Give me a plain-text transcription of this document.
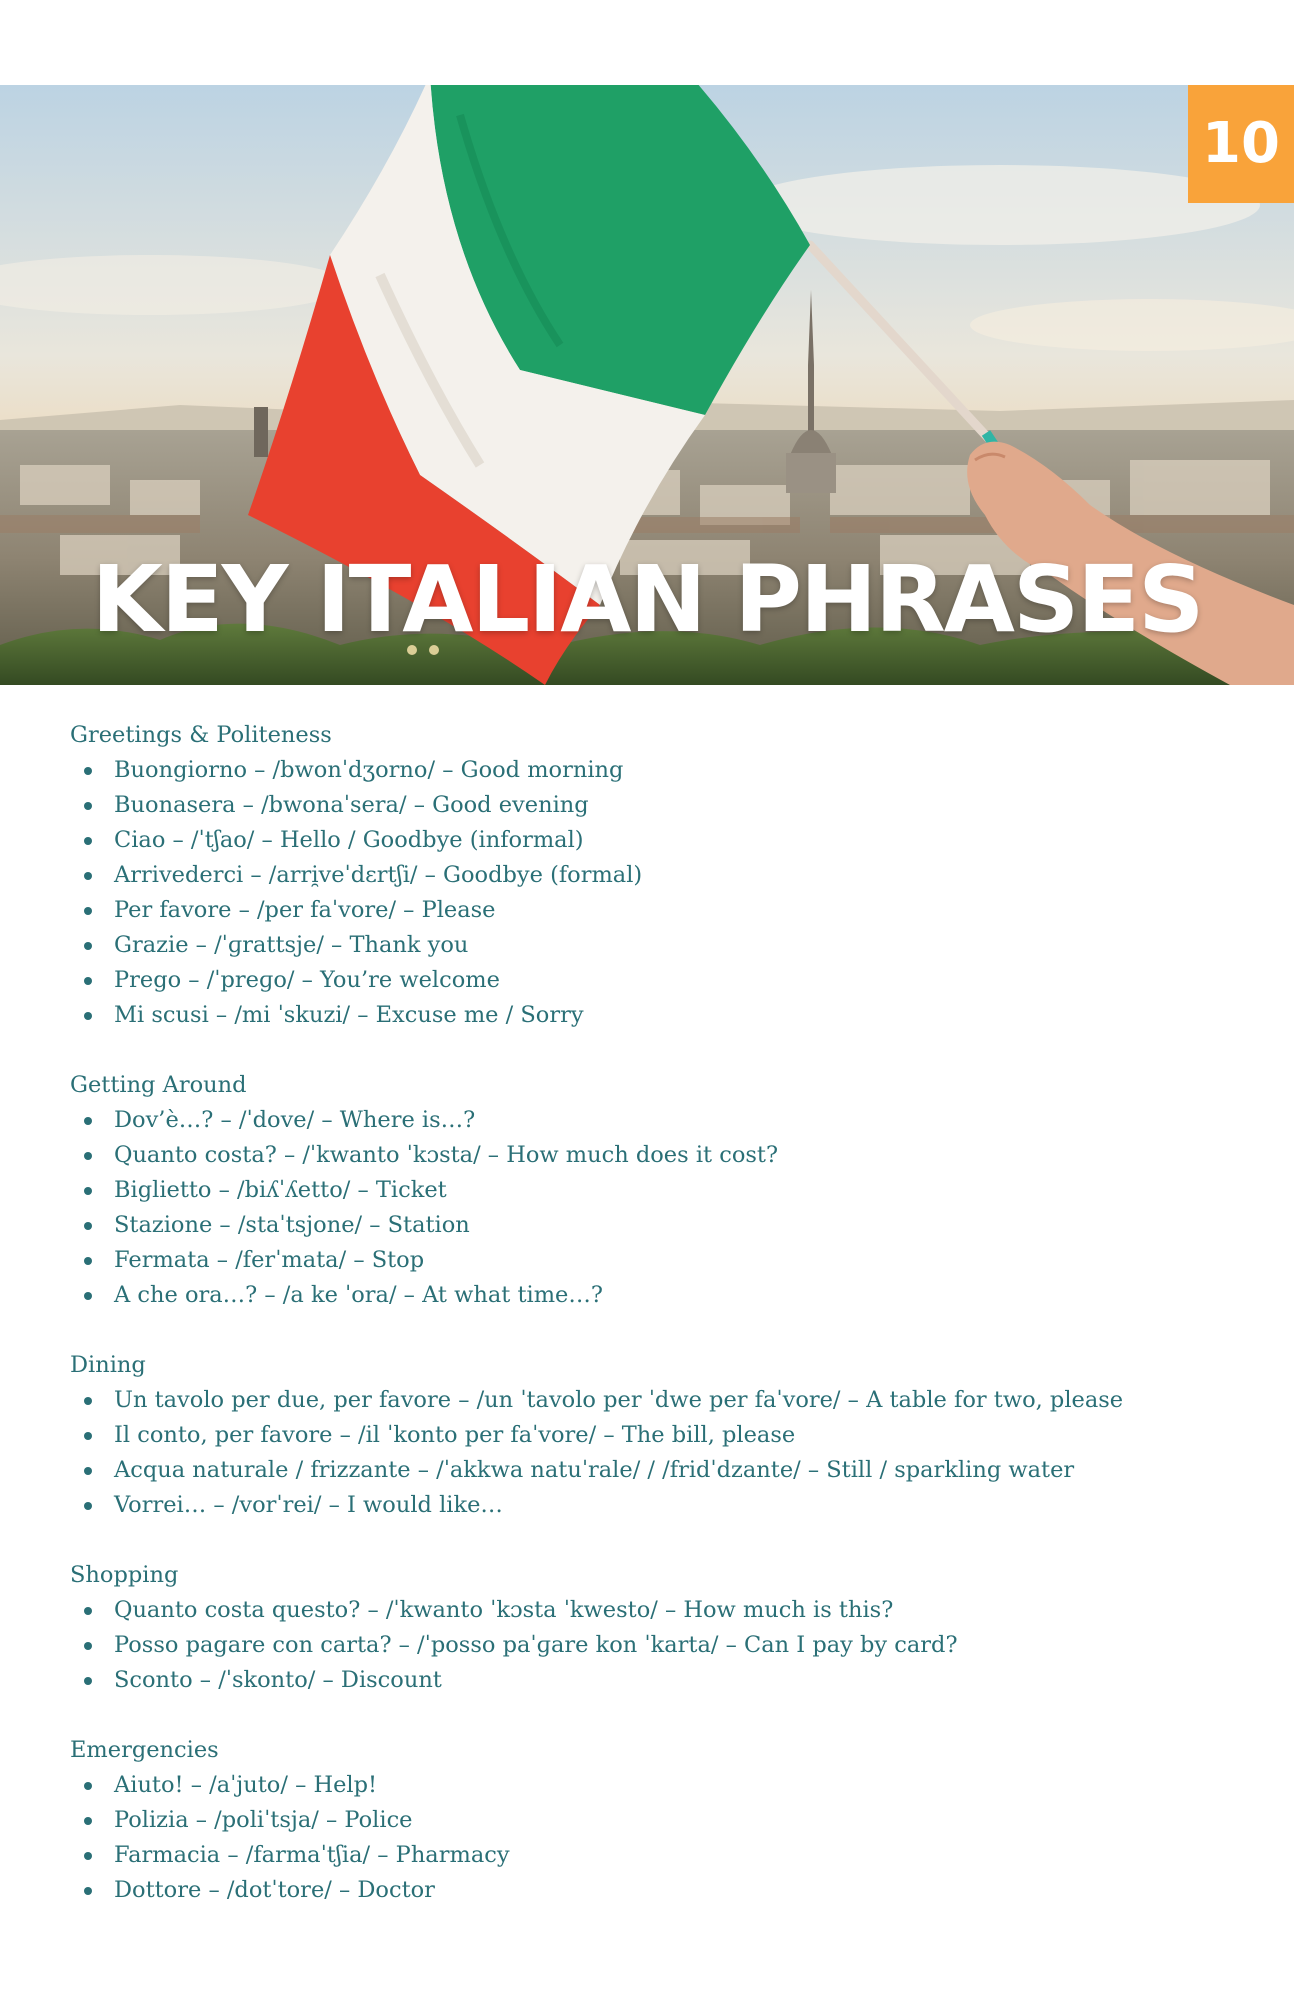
10
KEY ITALIAN PHRASES
Greetings & Politeness
Buongiorno – /bwonˈdʒorno/ – Good morning
Buonasera – /bwonaˈsera/ – Good evening
Ciao – /ˈtʃao/ – Hello / Goodbye (informal)
Arrivederci – /arri̯veˈdɛrtʃi/ – Goodbye (formal)
Per favore – /per faˈvore/ – Please
Grazie – /ˈɡrattsje/ – Thank you
Prego – /ˈpreɡo/ – You’re welcome
Mi scusi – /mi ˈskuzi/ – Excuse me / Sorry
Getting Around
Dov’è…? – /ˈdove/ – Where is…?
Quanto costa? – /ˈkwanto ˈkɔsta/ – How much does it cost?
Biglietto – /biʎˈʎetto/ – Ticket
Stazione – /staˈtsjone/ – Station
Fermata – /ferˈmata/ – Stop
A che ora…? – /a ke ˈora/ – At what time…?
Dining
Un tavolo per due, per favore – /un ˈtavolo per ˈdwe per faˈvore/ – A table for two, please
Il conto, per favore – /il ˈkonto per faˈvore/ – The bill, please
Acqua naturale / frizzante – /ˈakkwa natuˈrale/ / /fridˈdzante/ – Still / sparkling water
Vorrei… – /vorˈrei/ – I would like…
Shopping
Quanto costa questo? – /ˈkwanto ˈkɔsta ˈkwesto/ – How much is this?
Posso pagare con carta? – /ˈposso paˈɡare kon ˈkarta/ – Can I pay by card?
Sconto – /ˈskonto/ – Discount
Emergencies
Aiuto! – /aˈjuto/ – Help!
Polizia – /poliˈtsja/ – Police
Farmacia – /farmaˈtʃia/ – Pharmacy
Dottore – /dotˈtore/ – Doctor
